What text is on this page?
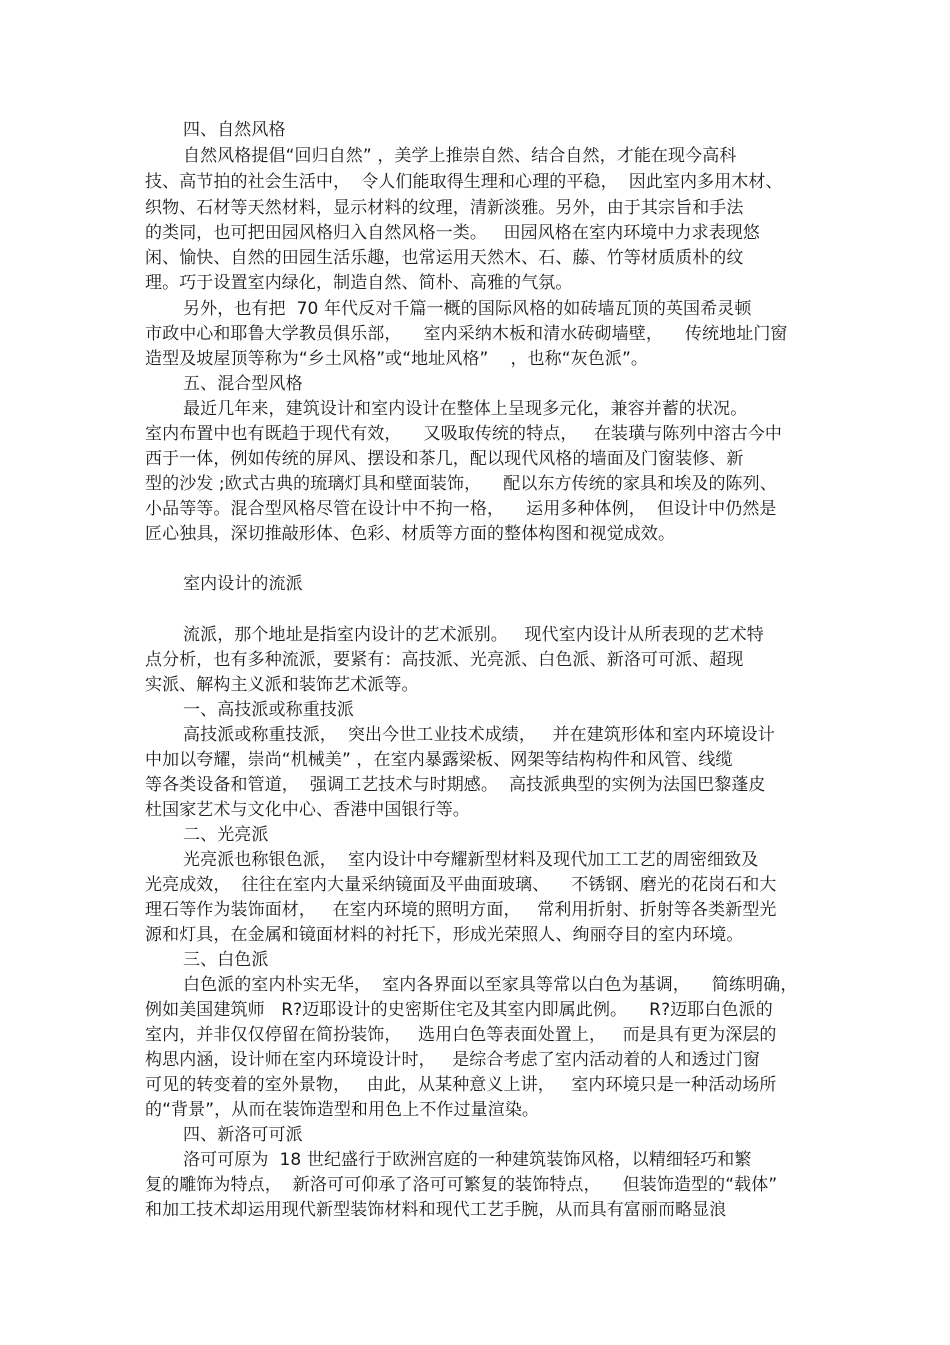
四、自然风格
自然风格提倡“回归自然” ，美学上推崇自然、结合自然，才能在现今高科
技、高节拍的社会生活中，  令人们能取得生理和心理的平稳，  因此室内多用木材、
织物、石材等天然材料，显示材料的纹理，清新淡雅。另外，由于其宗旨和手法
的类同，也可把田园风格归入自然风格一类。   田园风格在室内环境中力求表现悠
闲、愉快、自然的田园生活乐趣，也常运用天然木、石、藤、竹等材质质朴的纹
理。巧于设置室内绿化，制造自然、简朴、高雅的气氛。
另外，也有把  70 年代反对千篇一概的国际风格的如砖墙瓦顶的英国希灵顿
市政中心和耶鲁大学教员俱乐部，    室内采纳木板和清水砖砌墙壁，    传统地址门窗
造型及坡屋顶等称为“乡土风格”或“地址风格”    ，也称“灰色派”。
五、混合型风格
最近几年来，建筑设计和室内设计在整体上呈现多元化，兼容并蓄的状况。
室内布置中也有既趋于现代有效，    又吸取传统的特点，   在装璜与陈列中溶古今中
西于一体，例如传统的屏风、摆设和茶几，配以现代风格的墙面及门窗装修、新
型的沙发 ;欧式古典的琉璃灯具和壁面装饰，    配以东方传统的家具和埃及的陈列、
小品等等。混合型风格尽管在设计中不拘一格，    运用多种体例，  但设计中仍然是
匠心独具，深切推敲形体、色彩、材质等方面的整体构图和视觉成效。
室内设计的流派
流派，那个地址是指室内设计的艺术派别。   现代室内设计从所表现的艺术特
点分析，也有多种流派，要紧有：高技派、光亮派、白色派、新洛可可派、超现
实派、解构主义派和装饰艺术派等。
一、高技派或称重技派
高技派或称重技派，  突出今世工业技术成绩，   并在建筑形体和室内环境设计
中加以夸耀，崇尚“机械美” ，在室内暴露梁板、网架等结构构件和风管、线缆
等各类设备和管道，  强调工艺技术与时期感。  高技派典型的实例为法国巴黎蓬皮
杜国家艺术与文化中心、香港中国银行等。
二、光亮派
光亮派也称银色派，  室内设计中夸耀新型材料及现代加工工艺的周密细致及
光亮成效，  往往在室内大量采纳镜面及平曲面玻璃、    不锈钢、磨光的花岗石和大
理石等作为装饰面材，   在室内环境的照明方面，   常利用折射、折射等各类新型光
源和灯具，在金属和镜面材料的衬托下，形成光荣照人、绚丽夺目的室内环境。
三、白色派
白色派的室内朴实无华，  室内各界面以至家具等常以白色为基调，    简练明确，
例如美国建筑师   R?迈耶设计的史密斯住宅及其室内即属此例。    R?迈耶白色派的
室内，并非仅仅停留在简扮装饰，   选用白色等表面处置上，   而是具有更为深层的
构思内涵，设计师在室内环境设计时，   是综合考虑了室内活动着的人和透过门窗
可见的转变着的室外景物，   由此，从某种意义上讲，   室内环境只是一种活动场所
的“背景”，从而在装饰造型和用色上不作过量渲染。
四、新洛可可派
洛可可原为  18 世纪盛行于欧洲宫庭的一种建筑装饰风格，以精细轻巧和繁
复的雕饰为特点，  新洛可可仰承了洛可可繁复的装饰特点，    但装饰造型的“载体”
和加工技术却运用现代新型装饰材料和现代工艺手腕，从而具有富丽而略显浪
